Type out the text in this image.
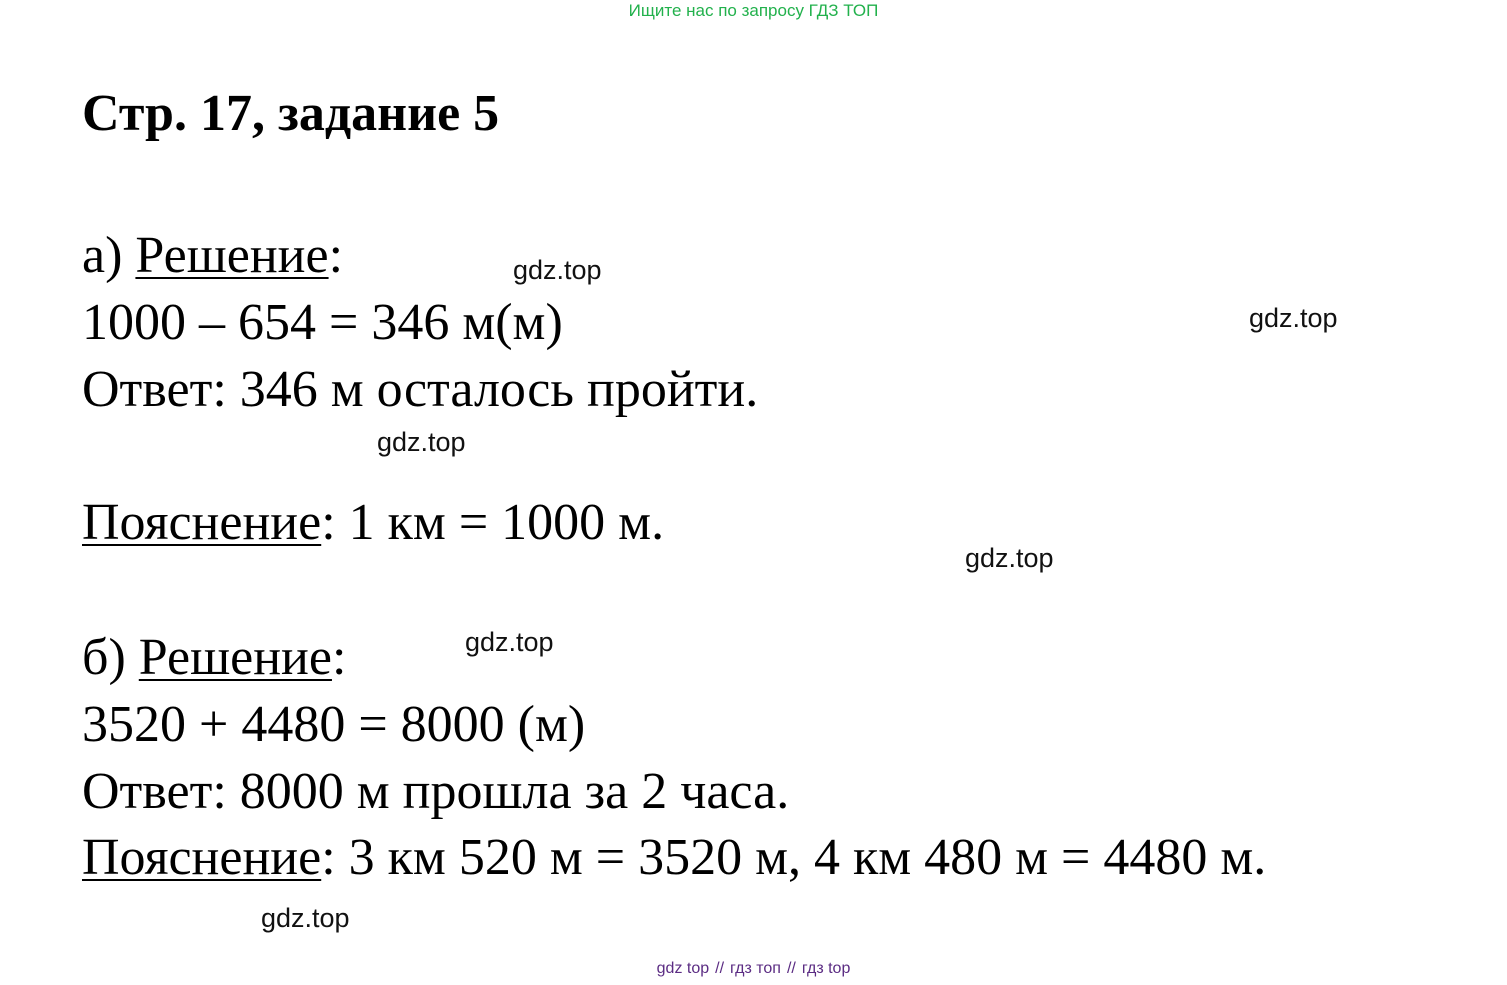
Ищите нас по запросу ГДЗ ТОП
Стр. 17, задание 5
а) Решение:
1000 – 654 = 346 м(м)
Ответ: 346 м осталось пройти.
Пояснение: 1 км = 1000 м.
б) Решение:
3520 + 4480 = 8000 (м)
Ответ: 8000 м прошла за 2 часа.
Пояснение: 3 км 520 м = 3520 м, 4 км 480 м = 4480 м.
gdz.top
gdz.top
gdz.top
gdz.top
gdz.top
gdz.top
gdz top // гдз топ // гдз top
